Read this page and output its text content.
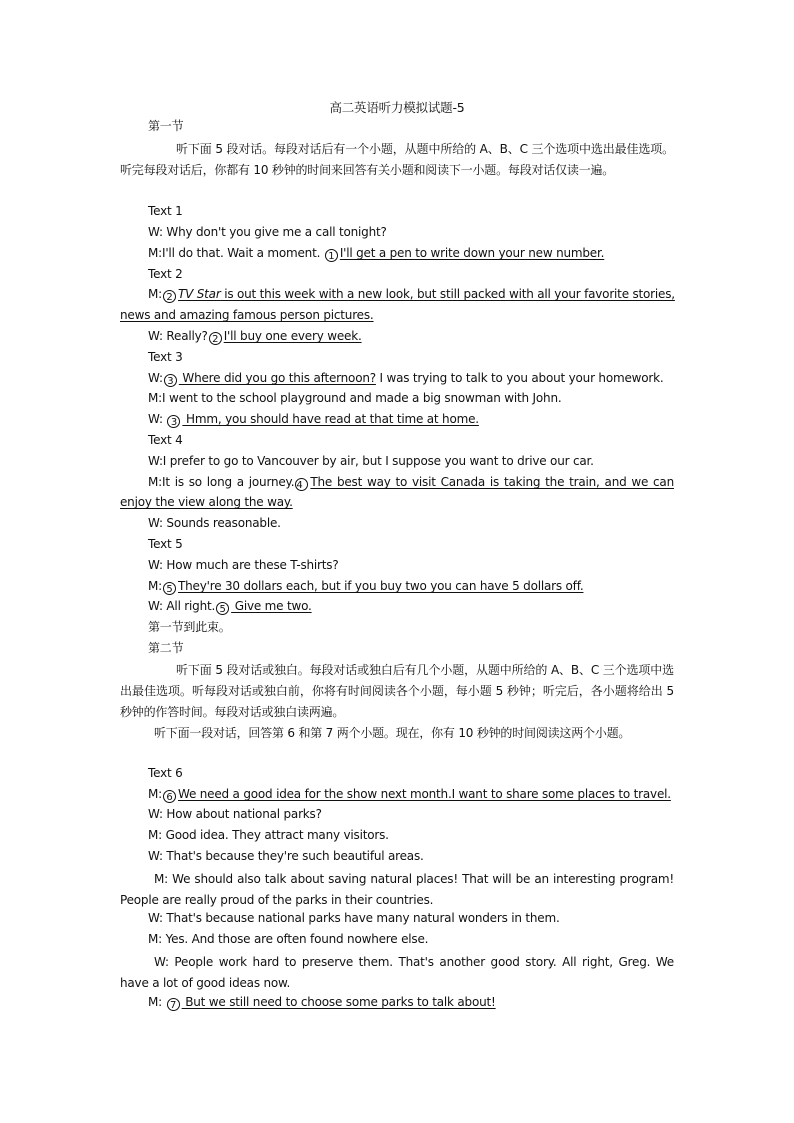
高二英语听力模拟试题-5
第一节
听下面 5 段对话。每段对话后有一个小题，从题中所给的 A、B、C 三个选项中选出最佳选项。听完每段对话后，你都有 10 秒钟的时间来回答有关小题和阅读下一小题。每段对话仅读一遍。
Text 1
W: Why don't you give me a call tonight?
M:I'll do that. Wait a moment. 1 I'll get a pen to write down your new number.
Text 2
M: 2 TV Star is out this week with a new look, but still packed with all your favorite stories,
news and amazing famous person pictures.
W: Really? 2 I'll buy one every week.
Text 3
W: 3 Where did you go this afternoon? I was trying to talk to you about your homework.
M:I went to the school playground and made a big snowman with John.
W: 3 Hmm, you should have read at that time at home.
Text 4
W:I prefer to go to Vancouver by air, but I suppose you want to drive our car.
M:It is so long a journey. 4 The best way to visit Canada is taking the train, and we can
enjoy the view along the way.
W: Sounds reasonable.
Text 5
W: How much are these T-shirts?
M: 5 They're 30 dollars each, but if you buy two you can have 5 dollars off.
W: All right. 5 Give me two.
第一节到此束。
第二节
听下面 5 段对话或独白。每段对话或独白后有几个小题，从题中所给的 A、B、C 三个选项中选出最佳选项。听每段对话或独白前，你将有时间阅读各个小题，每小题 5 秒钟；听完后，各小题将给出 5 秒钟的作答时间。每段对话或独白读两遍。
听下面一段对话，回答第 6 和第 7 两个小题。现在，你有 10 秒钟的时间阅读这两个小题。
Text 6
M: 6 We need a good idea for the show next month.I want to share some places to travel.
W: How about national parks?
M: Good idea. They attract many visitors.
W: That's because they're such beautiful areas.
M: We should also talk about saving natural places! That will be an interesting program! People are really proud of the parks in their countries.
W: That's because national parks have many natural wonders in them.
M: Yes. And those are often found nowhere else.
W: People work hard to preserve them. That's another good story. All right, Greg. We have a lot of good ideas now.
M: 7 But we still need to choose some parks to talk about!
